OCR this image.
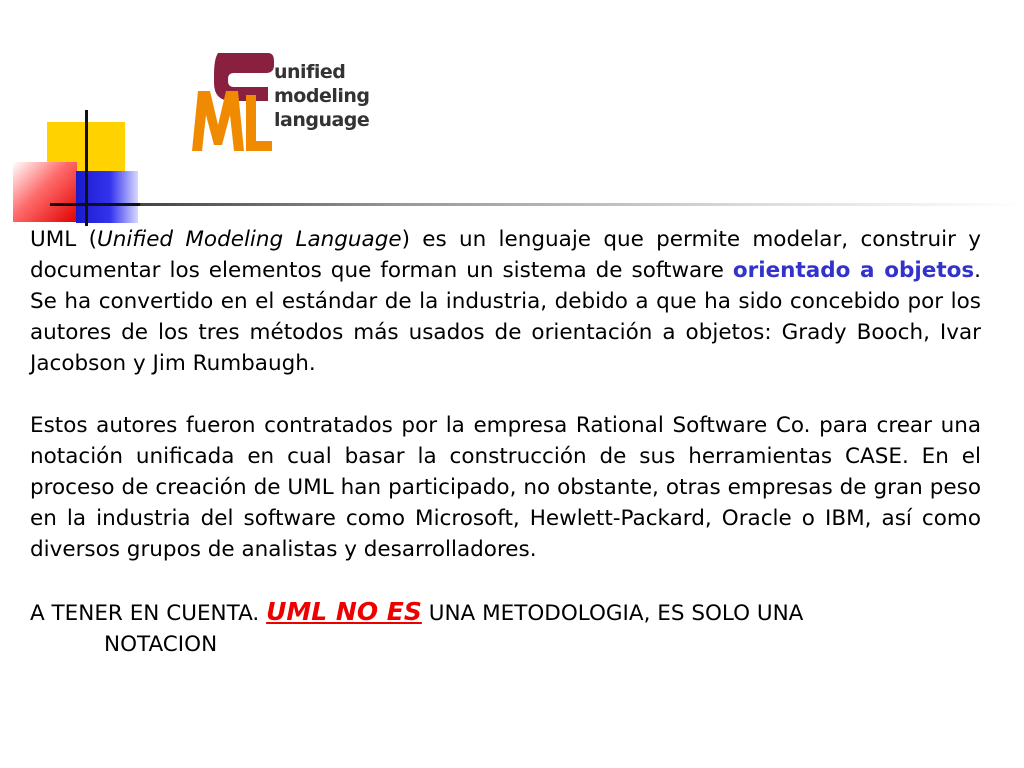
unified
modeling
language

UML (Unified Modeling Language) es un lenguaje que permite modelar, construir y documentar los elementos que forman un sistema de software orientado a objetos. Se ha convertido en el estándar de la industria, debido a que ha sido concebido por los autores de los tres métodos más usados de orientación a objetos: Grady Booch, Ivar Jacobson y Jim Rumbaugh.

Estos autores fueron contratados por la empresa Rational Software Co. para crear una notación unificada en cual basar la construcción de sus herramientas CASE. En el proceso de creación de UML han participado, no obstante, otras empresas de gran peso en la industria del software como Microsoft, Hewlett-Packard, Oracle o IBM, así como diversos grupos de analistas y desarrolladores.

A TENER EN CUENTA. UML NO ES UNA METODOLOGIA, ES SOLO UNA

NOTACION
